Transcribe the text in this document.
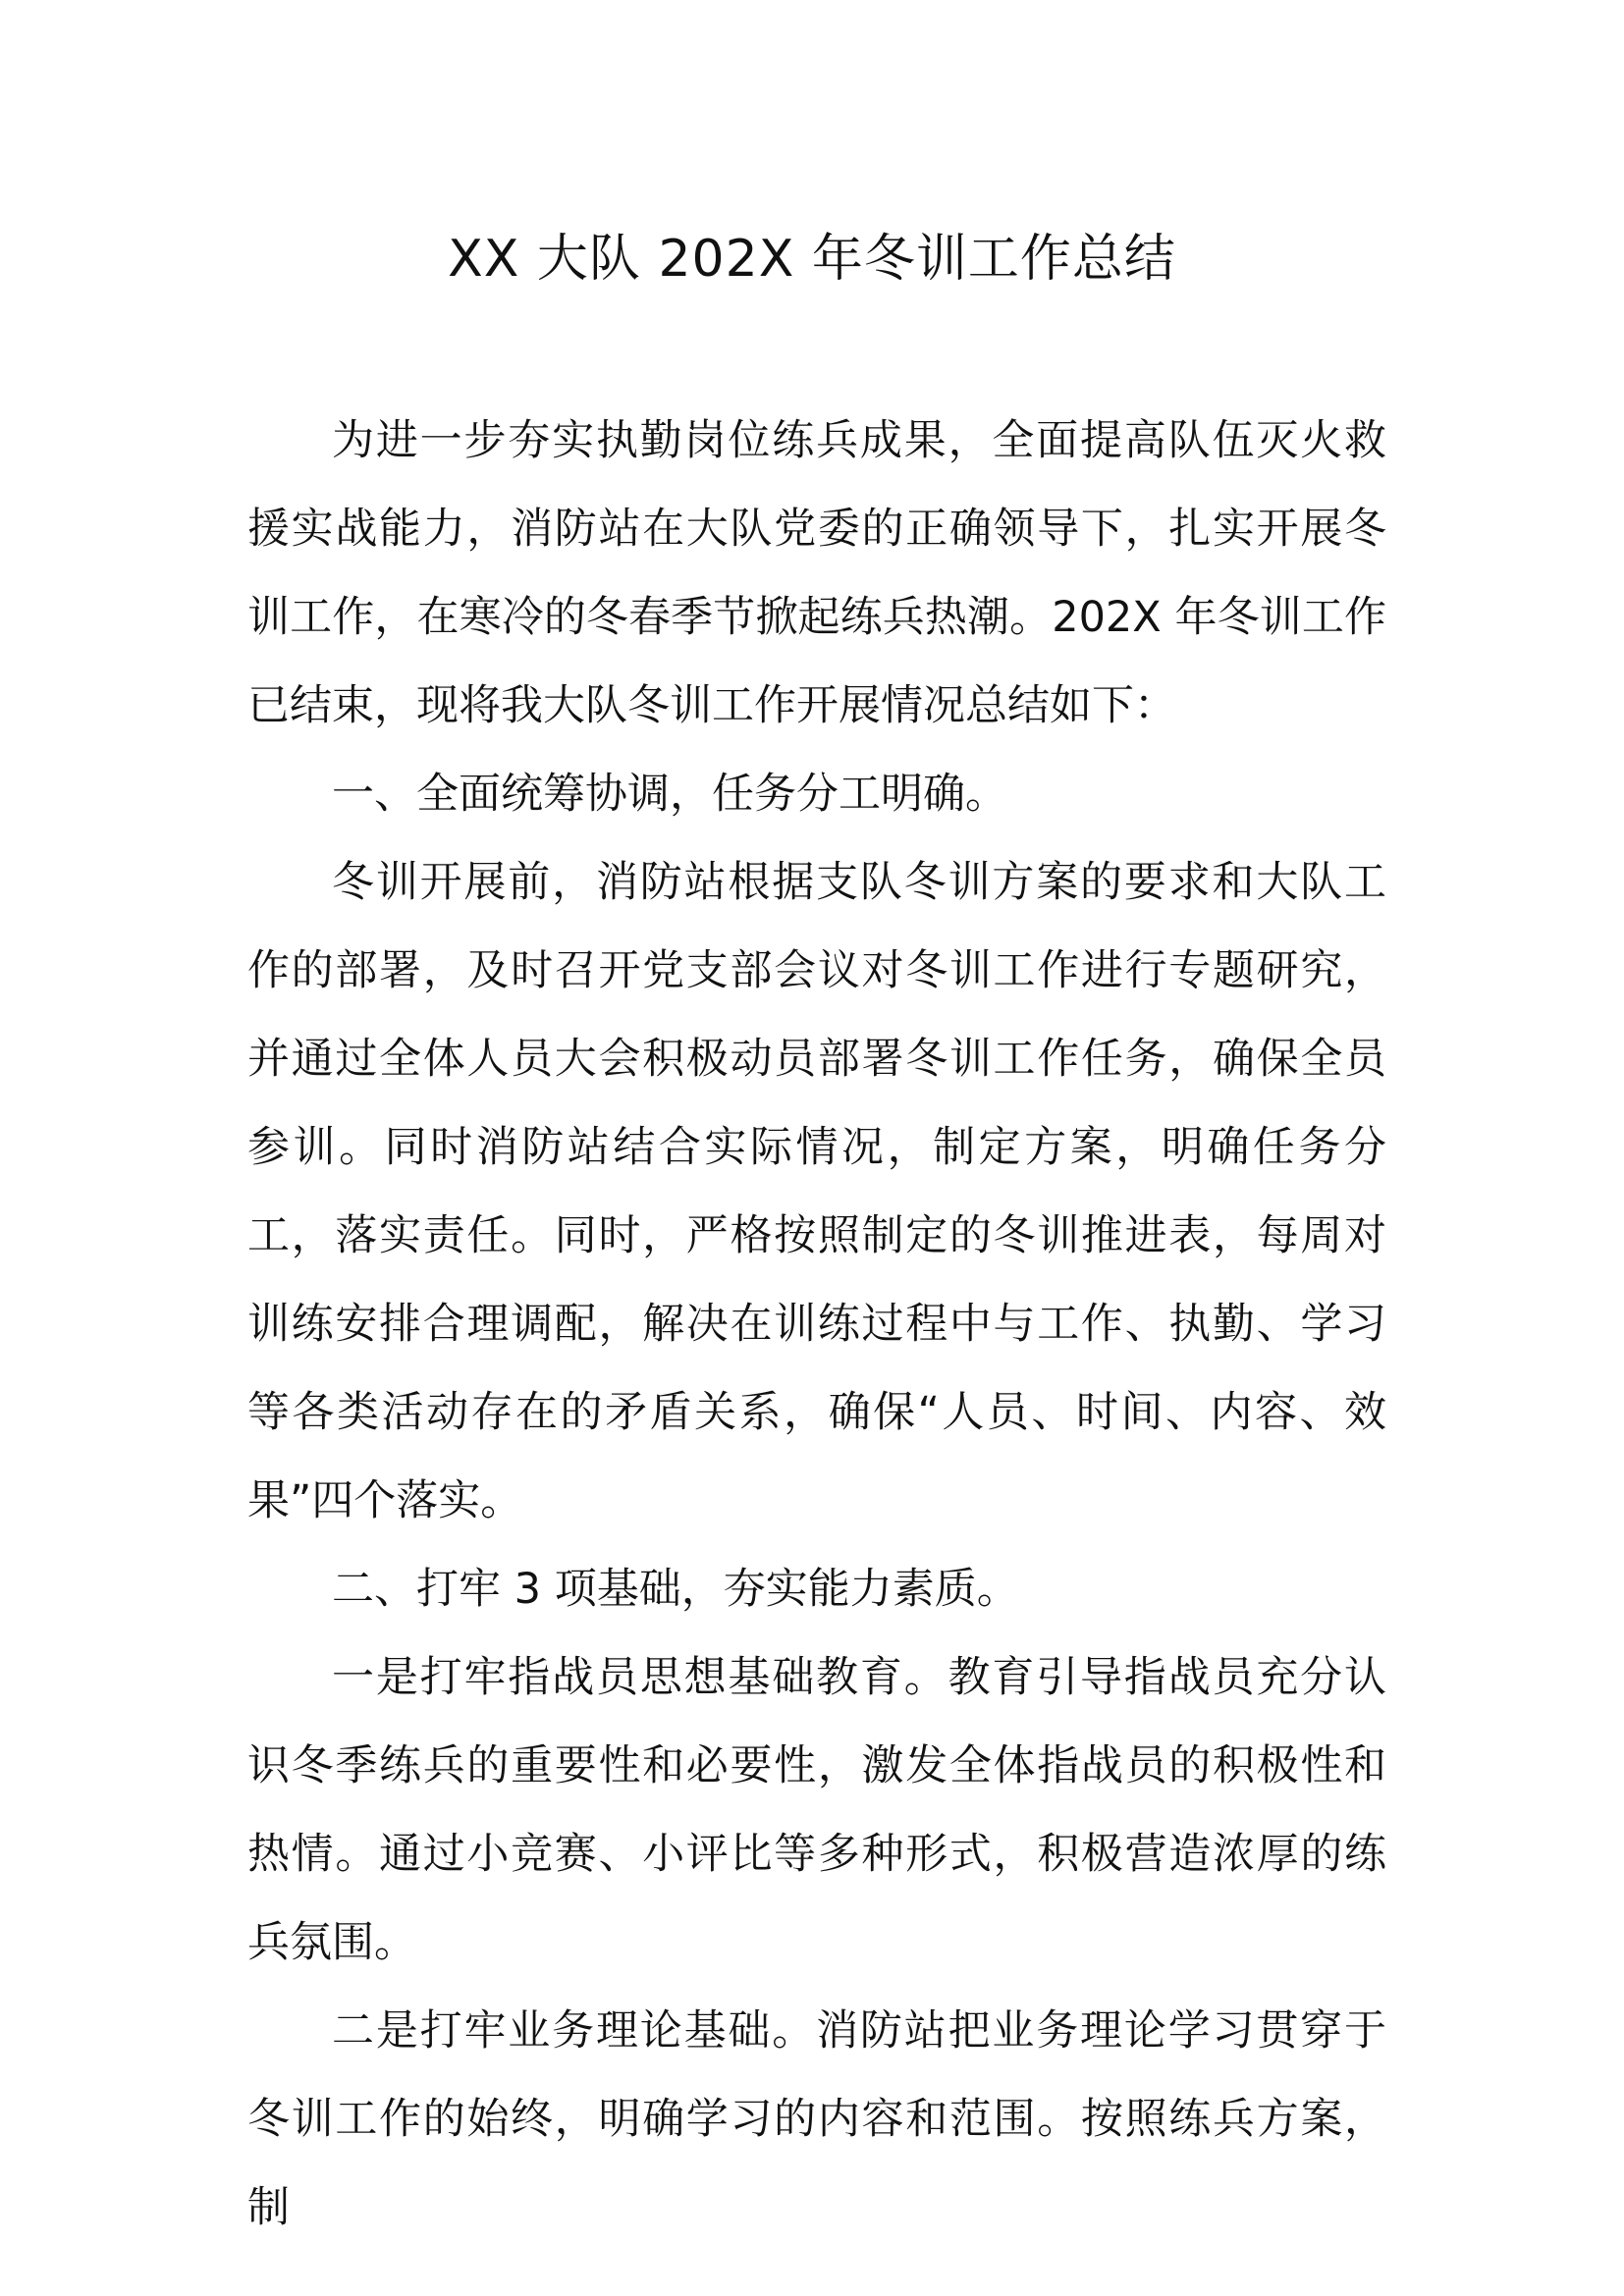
XX 大队 202X 年冬训工作总结

为进一步夯实执勤岗位练兵成果，全面提高队伍灭火救援实战能力，消防站在大队党委的正确领导下，扎实开展冬训工作，在寒冷的冬春季节掀起练兵热潮。202X 年冬训工作已结束，现将我大队冬训工作开展情况总结如下：

一、全面统筹协调，任务分工明确。

冬训开展前，消防站根据支队冬训方案的要求和大队工作的部署，及时召开党支部会议对冬训工作进行专题研究，并通过全体人员大会积极动员部署冬训工作任务，确保全员参训。同时消防站结合实际情况，制定方案，明确任务分工，落实责任。同时，严格按照制定的冬训推进表，每周对训练安排合理调配，解决在训练过程中与工作、执勤、学习等各类活动存在的矛盾关系，确保“人员、时间、内容、效果”四个落实。

二、打牢 3 项基础，夯实能力素质。

一是打牢指战员思想基础教育。教育引导指战员充分认识冬季练兵的重要性和必要性，激发全体指战员的积极性和热情。通过小竞赛、小评比等多种形式，积极营造浓厚的练兵氛围。

二是打牢业务理论基础。消防站把业务理论学习贯穿于冬训工作的始终，明确学习的内容和范围。按照练兵方案，制
